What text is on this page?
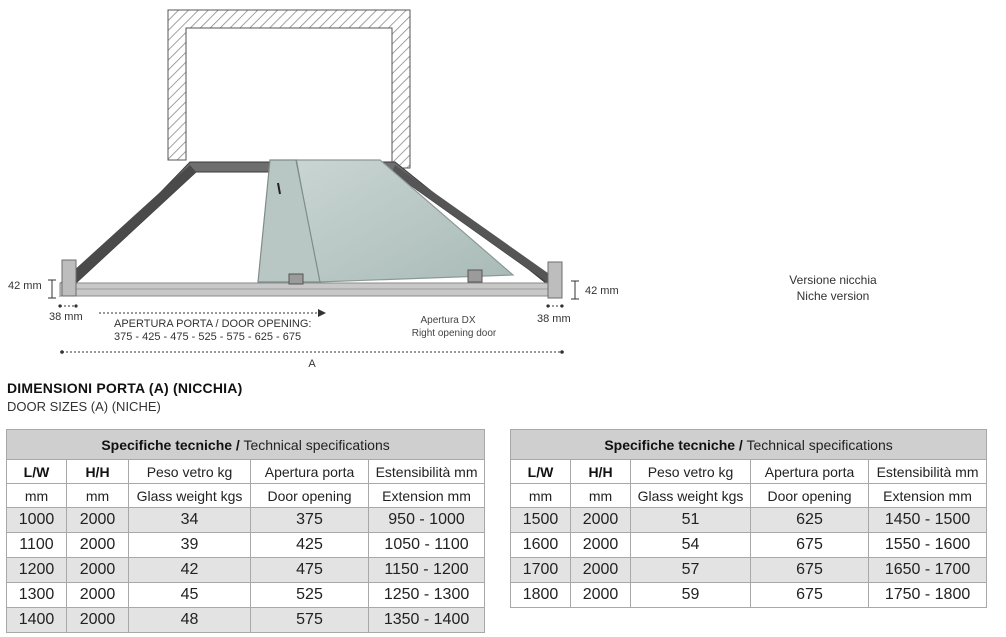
42 mm	42 mm
38 mm	38 mm
APERTURA PORTA / DOOR OPENING:
375 - 425 - 475 - 525 - 575 - 625 - 675
Apertura DX
Right opening door
A
Versione nicchia
Niche version
DIMENSIONI PORTA (A) (NICCHIA)
DOOR SIZES (A) (NICHE)
Specifiche tecniche / Technical specifications				
L/W	H/H	Peso vetro kg	Apertura porta	Estensibilità mm
mm	mm	Glass weight kgs	Door opening	Extension mm
1000	2000	34	375	950 - 1000
1100	2000	39	425	1050 - 1100
1200	2000	42	475	1150 - 1200
1300	2000	45	525	1250 - 1300
1400	2000	48	575	1350 - 1400
Specifiche tecniche / Technical specifications				
L/W	H/H	Peso vetro kg	Apertura porta	Estensibilità mm
mm	mm	Glass weight kgs	Door opening	Extension mm
1500	2000	51	625	1450 - 1500
1600	2000	54	675	1550 - 1600
1700	2000	57	675	1650 - 1700
1800	2000	59	675	1750 - 1800
